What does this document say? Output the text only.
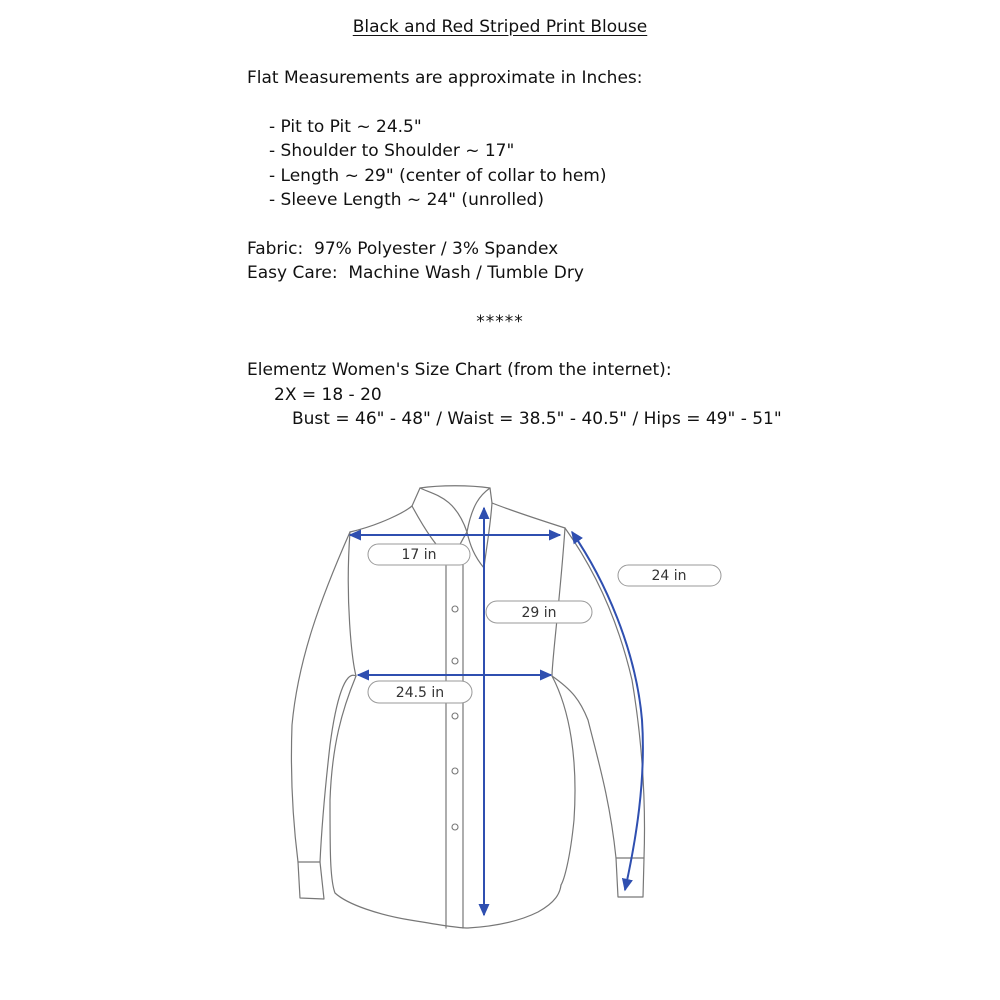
Black and Red Striped Print Blouse
Flat Measurements are approximate in Inches:
- Pit to Pit ~ 24.5"
- Shoulder to Shoulder ~ 17"
- Length ~ 29" (center of collar to hem)
- Sleeve Length ~ 24" (unrolled)
Fabric:  97% Polyester / 3% Spandex
Easy Care:  Machine Wash / Tumble Dry
*****
Elementz Women's Size Chart (from the internet):
2X = 18 - 20
Bust = 46" - 48" / Waist = 38.5" - 40.5" / Hips = 49" - 51"
17 in
29 in
24 in
24.5 in
